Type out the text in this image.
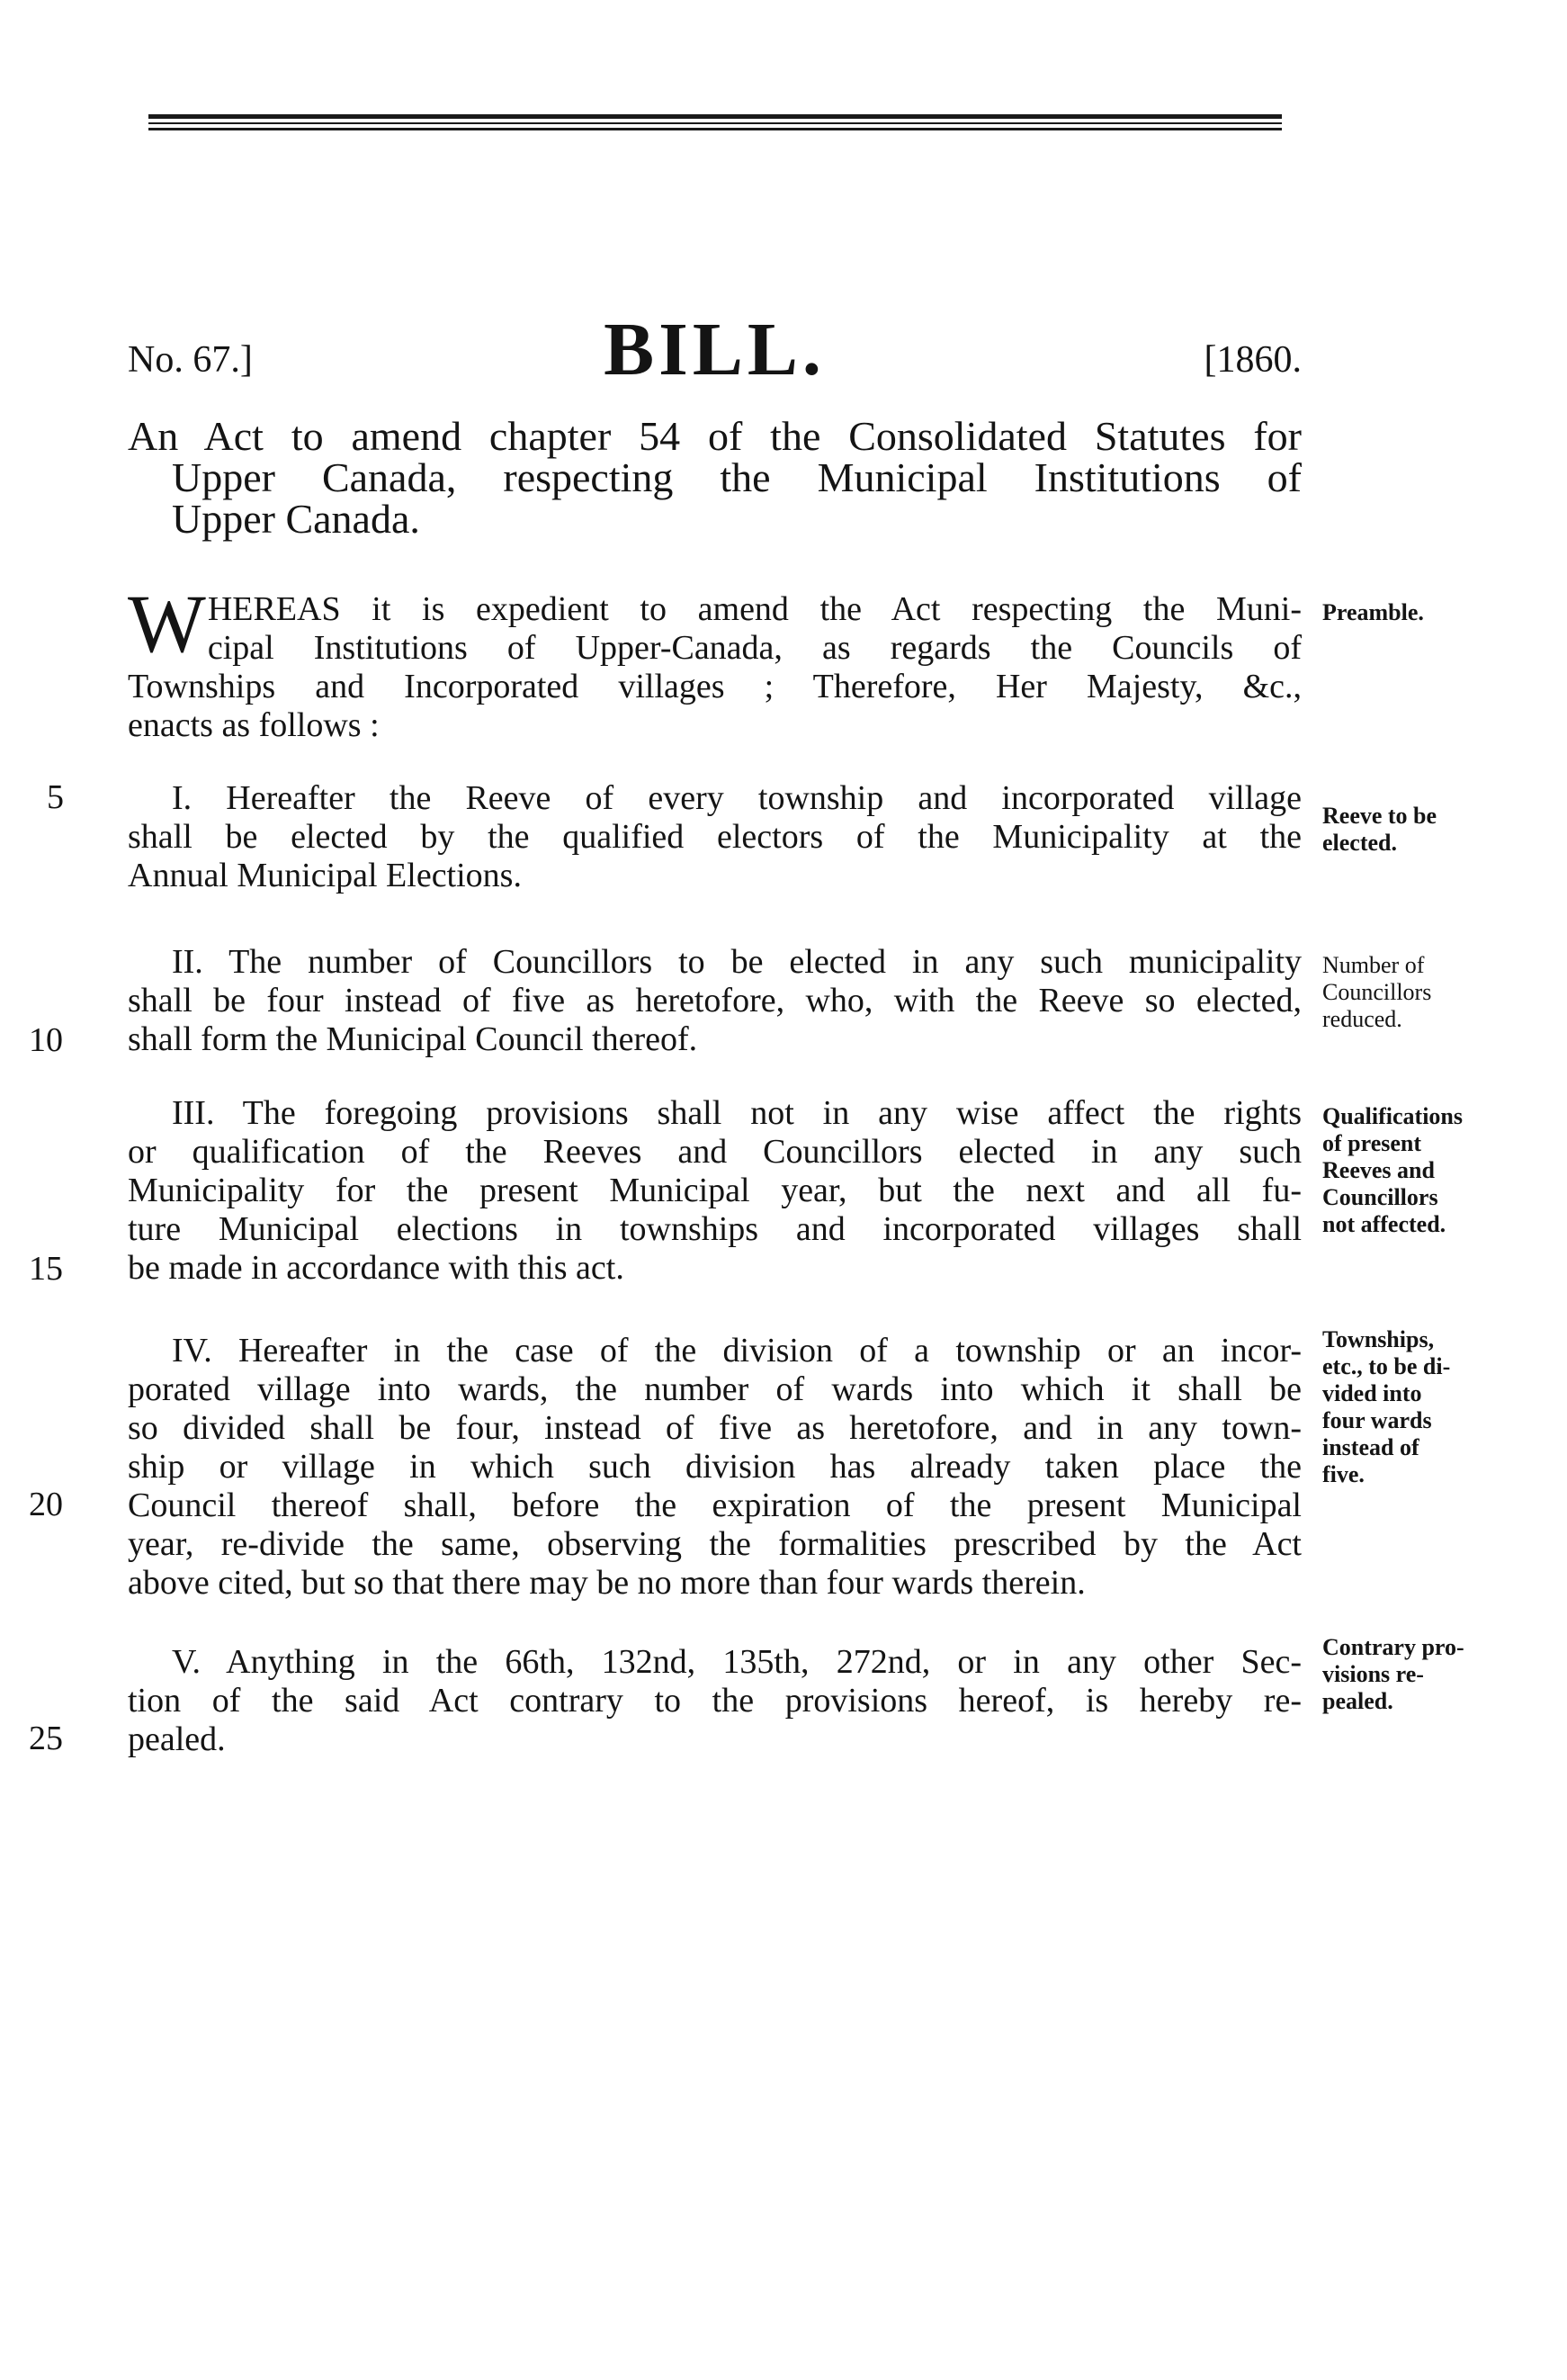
No. 67.]	BILL.	[1860.
An Act to amend chapter 54 of the Consolidated Statutes for
Upper Canada, respecting the Municipal Institutions of
Upper Canada.
W HEREAS it is expedient to amend the Act respecting the Muni-
cipal Institutions of Upper-Canada, as regards the Councils of
Townships and Incorporated villages ; Therefore, Her Majesty, &c.,
enacts as follows :
Preamble.
I. Hereafter the Reeve of every township and incorporated village
shall be elected by the qualified electors of the Municipality at the
Annual Municipal Elections.
Reeve to be
elected.
II. The number of Councillors to be elected in any such municipality
shall be four instead of five as heretofore, who, with the Reeve so elected,
shall form the Municipal Council thereof.
Number of
Councillors
reduced.
III. The foregoing provisions shall not in any wise affect the rights
or qualification of the Reeves and Councillors elected in any such
Municipality for the present Municipal year, but the next and all fu-
ture Municipal elections in townships and incorporated villages shall
be made in accordance with this act.
Qualifications
of present
Reeves and
Councillors
not affected.
IV. Hereafter in the case of the division of a township or an incor-
porated village into wards, the number of wards into which it shall be
so divided shall be four, instead of five as heretofore, and in any town-
ship or village in which such division has already taken place the
Council thereof shall, before the expiration of the present Municipal
year, re-divide the same, observing the formalities prescribed by the Act
above cited, but so that there may be no more than four wards therein.
Townships,
etc., to be di-
vided into
four wards
instead of
five.
V. Anything in the 66th, 132nd, 135th, 272nd, or in any other Sec-
tion of the said Act contrary to the provisions hereof, is hereby re-
pealed.
Contrary pro-
visions re-
pealed.
5
10
15
20
25
